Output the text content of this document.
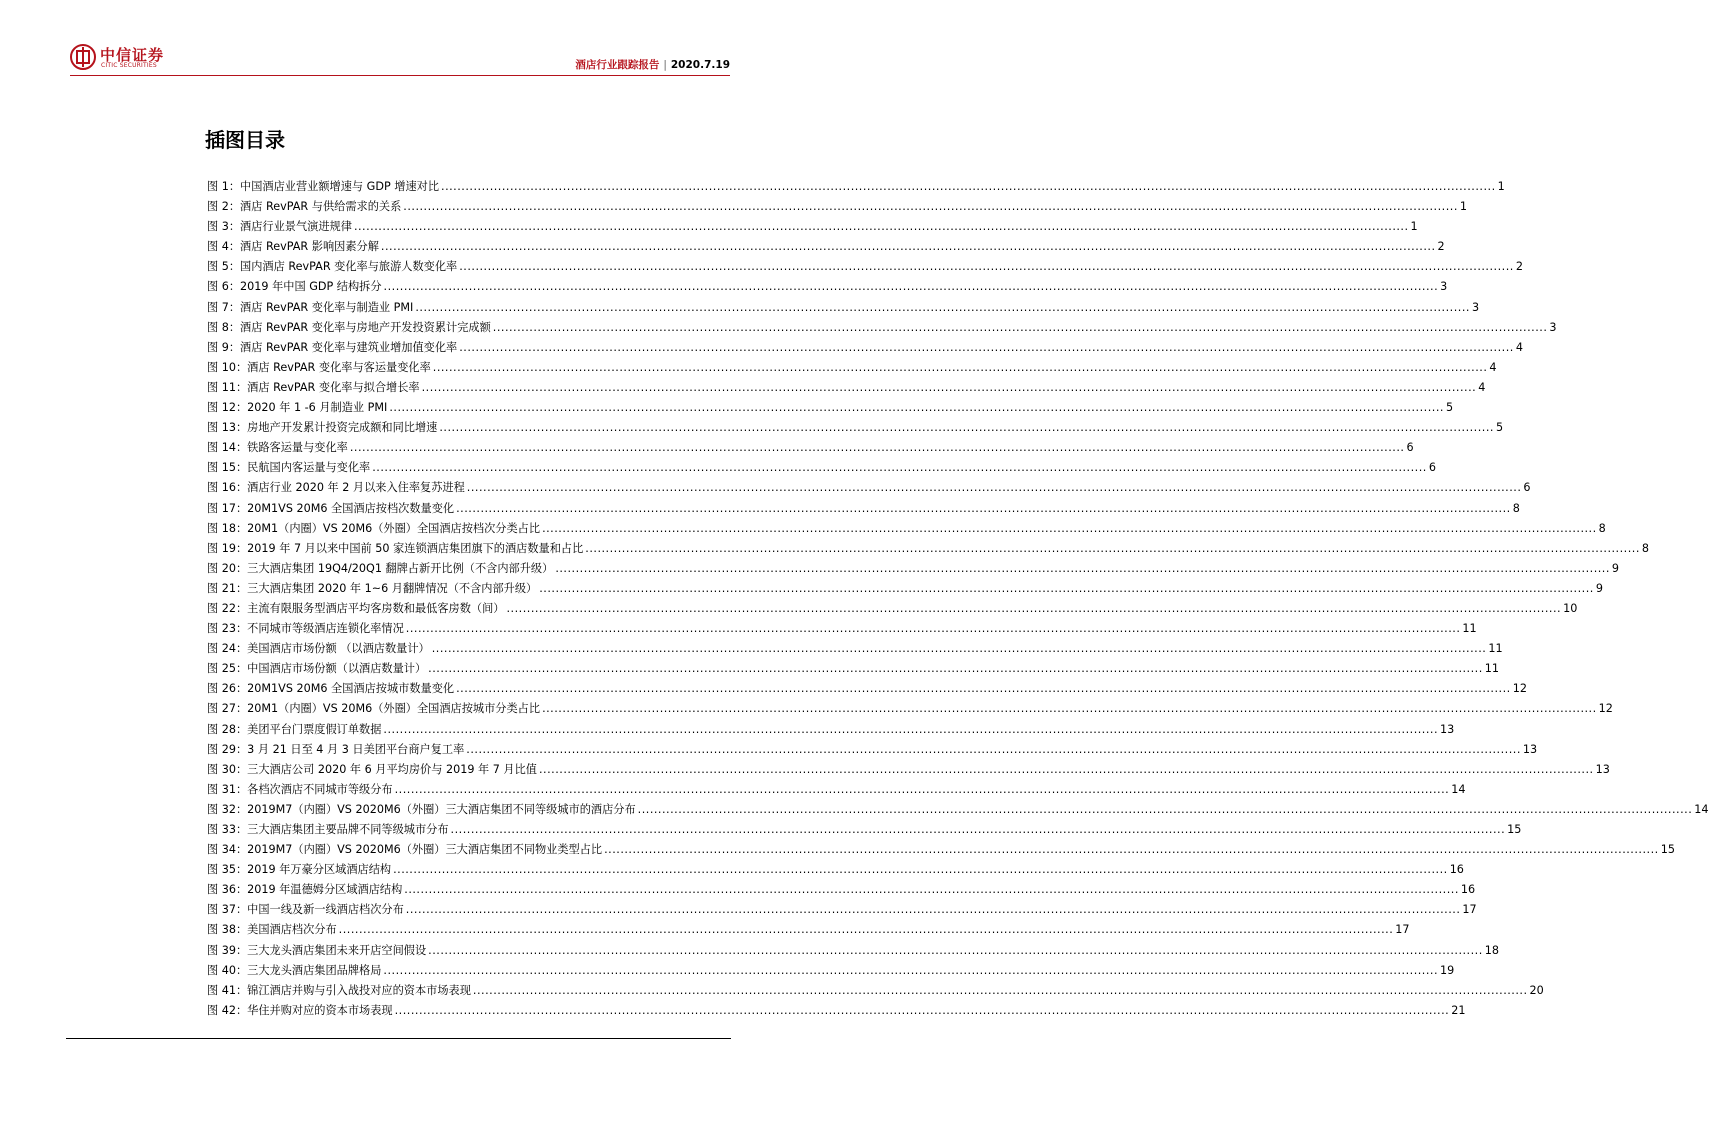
中信证券
CITIC SECURITIES	酒店行业跟踪报告 | 2020.7.19
插图目录
图 1：中国酒店业营业额增速与 GDP 增速对比 .................................................................................................................................................................................................................................................................... 1
图 2：酒店 RevPAR 与供给需求的关系 .................................................................................................................................................................................................................................................................... 1
图 3：酒店行业景气演进规律 .................................................................................................................................................................................................................................................................... 1
图 4：酒店 RevPAR 影响因素分解 .................................................................................................................................................................................................................................................................... 2
图 5：国内酒店 RevPAR 变化率与旅游人数变化率 .................................................................................................................................................................................................................................................................... 2
图 6：2019 年中国 GDP 结构拆分 .................................................................................................................................................................................................................................................................... 3
图 7：酒店 RevPAR 变化率与制造业 PMI .................................................................................................................................................................................................................................................................... 3
图 8：酒店 RevPAR 变化率与房地产开发投资累计完成额 .................................................................................................................................................................................................................................................................... 3
图 9：酒店 RevPAR 变化率与建筑业增加值变化率 .................................................................................................................................................................................................................................................................... 4
图 10：酒店 RevPAR 变化率与客运量变化率 .................................................................................................................................................................................................................................................................... 4
图 11：酒店 RevPAR 变化率与拟合增长率 .................................................................................................................................................................................................................................................................... 4
图 12：2020 年 1 -6 月制造业 PMI .................................................................................................................................................................................................................................................................... 5
图 13：房地产开发累计投资完成额和同比增速 .................................................................................................................................................................................................................................................................... 5
图 14：铁路客运量与变化率 .................................................................................................................................................................................................................................................................... 6
图 15：民航国内客运量与变化率 .................................................................................................................................................................................................................................................................... 6
图 16：酒店行业 2020 年 2 月以来入住率复苏进程 .................................................................................................................................................................................................................................................................... 6
图 17：20M1VS 20M6 全国酒店按档次数量变化 .................................................................................................................................................................................................................................................................... 8
图 18：20M1（内圈）VS 20M6（外圈）全国酒店按档次分类占比 .................................................................................................................................................................................................................................................................... 8
图 19：2019 年 7 月以来中国前 50 家连锁酒店集团旗下的酒店数量和占比 .................................................................................................................................................................................................................................................................... 8
图 20：三大酒店集团 19Q4/20Q1 翻牌占新开比例（不含内部升级） .................................................................................................................................................................................................................................................................... 9
图 21：三大酒店集团 2020 年 1~6 月翻牌情况（不含内部升级） .................................................................................................................................................................................................................................................................... 9
图 22：主流有限服务型酒店平均客房数和最低客房数（间） .................................................................................................................................................................................................................................................................... 10
图 23：不同城市等级酒店连锁化率情况 .................................................................................................................................................................................................................................................................... 11
图 24：美国酒店市场份额 （以酒店数量计） .................................................................................................................................................................................................................................................................... 11
图 25：中国酒店市场份额（以酒店数量计） .................................................................................................................................................................................................................................................................... 11
图 26：20M1VS 20M6 全国酒店按城市数量变化 .................................................................................................................................................................................................................................................................... 12
图 27：20M1（内圈）VS 20M6（外圈）全国酒店按城市分类占比 .................................................................................................................................................................................................................................................................... 12
图 28：美团平台门票度假订单数据 .................................................................................................................................................................................................................................................................... 13
图 29：3 月 21 日至 4 月 3 日美团平台商户复工率 .................................................................................................................................................................................................................................................................... 13
图 30：三大酒店公司 2020 年 6 月平均房价与 2019 年 7 月比值 .................................................................................................................................................................................................................................................................... 13
图 31：各档次酒店不同城市等级分布 .................................................................................................................................................................................................................................................................... 14
图 32：2019M7（内圈）VS 2020M6（外圈）三大酒店集团不同等级城市的酒店分布 .................................................................................................................................................................................................................................................................... 14
图 33：三大酒店集团主要品牌不同等级城市分布 .................................................................................................................................................................................................................................................................... 15
图 34：2019M7（内圈）VS 2020M6（外圈）三大酒店集团不同物业类型占比 .................................................................................................................................................................................................................................................................... 15
图 35：2019 年万豪分区域酒店结构 .................................................................................................................................................................................................................................................................... 16
图 36：2019 年温德姆分区域酒店结构 .................................................................................................................................................................................................................................................................... 16
图 37：中国一线及新一线酒店档次分布 .................................................................................................................................................................................................................................................................... 17
图 38：美国酒店档次分布 .................................................................................................................................................................................................................................................................... 17
图 39：三大龙头酒店集团未来开店空间假设 .................................................................................................................................................................................................................................................................... 18
图 40：三大龙头酒店集团品牌格局 .................................................................................................................................................................................................................................................................... 19
图 41：锦江酒店并购与引入战投对应的资本市场表现 .................................................................................................................................................................................................................................................................... 20
图 42：华住并购对应的资本市场表现 .................................................................................................................................................................................................................................................................... 21
